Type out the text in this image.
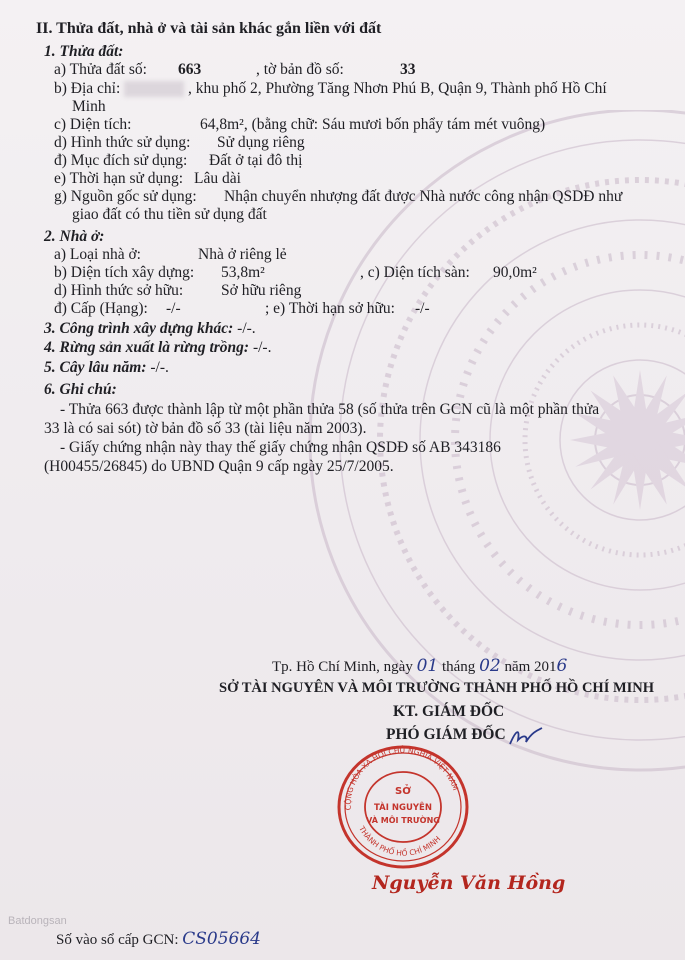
II. Thửa đất, nhà ở và tài sản khác gắn liền với đất
1. Thửa đất:
a) Thửa đất số: 663	, tờ bản đồ số:	33
b) Địa chỉ:	, khu phố 2, Phường Tăng Nhơn Phú B, Quận 9, Thành phố Hồ Chí
Minh
c) Diện tích:	64,8m², (bằng chữ: Sáu mươi bốn phẩy tám mét vuông)
d) Hình thức sử dụng: Sử dụng riêng
đ) Mục đích sử dụng: Đất ở tại đô thị
e) Thời hạn sử dụng: Lâu dài
g) Nguồn gốc sử dụng: Nhận chuyển nhượng đất được Nhà nước công nhận QSDĐ như
giao đất có thu tiền sử dụng đất
2. Nhà ở:
a) Loại nhà ở:	Nhà ở riêng lẻ
b) Diện tích xây dựng: 53,8m²	, c) Diện tích sàn: 90,0m²
d) Hình thức sở hữu: Sở hữu riêng
đ) Cấp (Hạng): -/-	; e) Thời hạn sở hữu: -/-
3. Công trình xây dựng khác: -/-.
4. Rừng sản xuất là rừng trồng: -/-.
5. Cây lâu năm: -/-.
6. Ghi chú:
- Thửa 663 được thành lập từ một phần thửa 58 (số thửa trên GCN cũ là một phần thửa
33 là có sai sót) tờ bản đồ số 33 (tài liệu năm 2003).
- Giấy chứng nhận này thay thế giấy chứng nhận QSDĐ số AB 343186
(H00455/26845) do UBND Quận 9 cấp ngày 25/7/2005.
Tp. Hồ Chí Minh, ngày 01 tháng 02 năm 2016
SỞ TÀI NGUYÊN VÀ MÔI TRƯỜNG THÀNH PHỐ HỒ CHÍ MINH
KT. GIÁM ĐỐC
PHÓ GIÁM ĐỐC
CỘNG HÒA XÃ HỘI CHỦ NGHĨA VIỆT NAM
THÀNH PHỐ HỒ CHÍ MINH
SỞ
TÀI NGUYÊN
VÀ MÔI TRƯỜNG
Nguyễn Văn Hồng
Batdongsan
Số vào sổ cấp GCN: CS05664
